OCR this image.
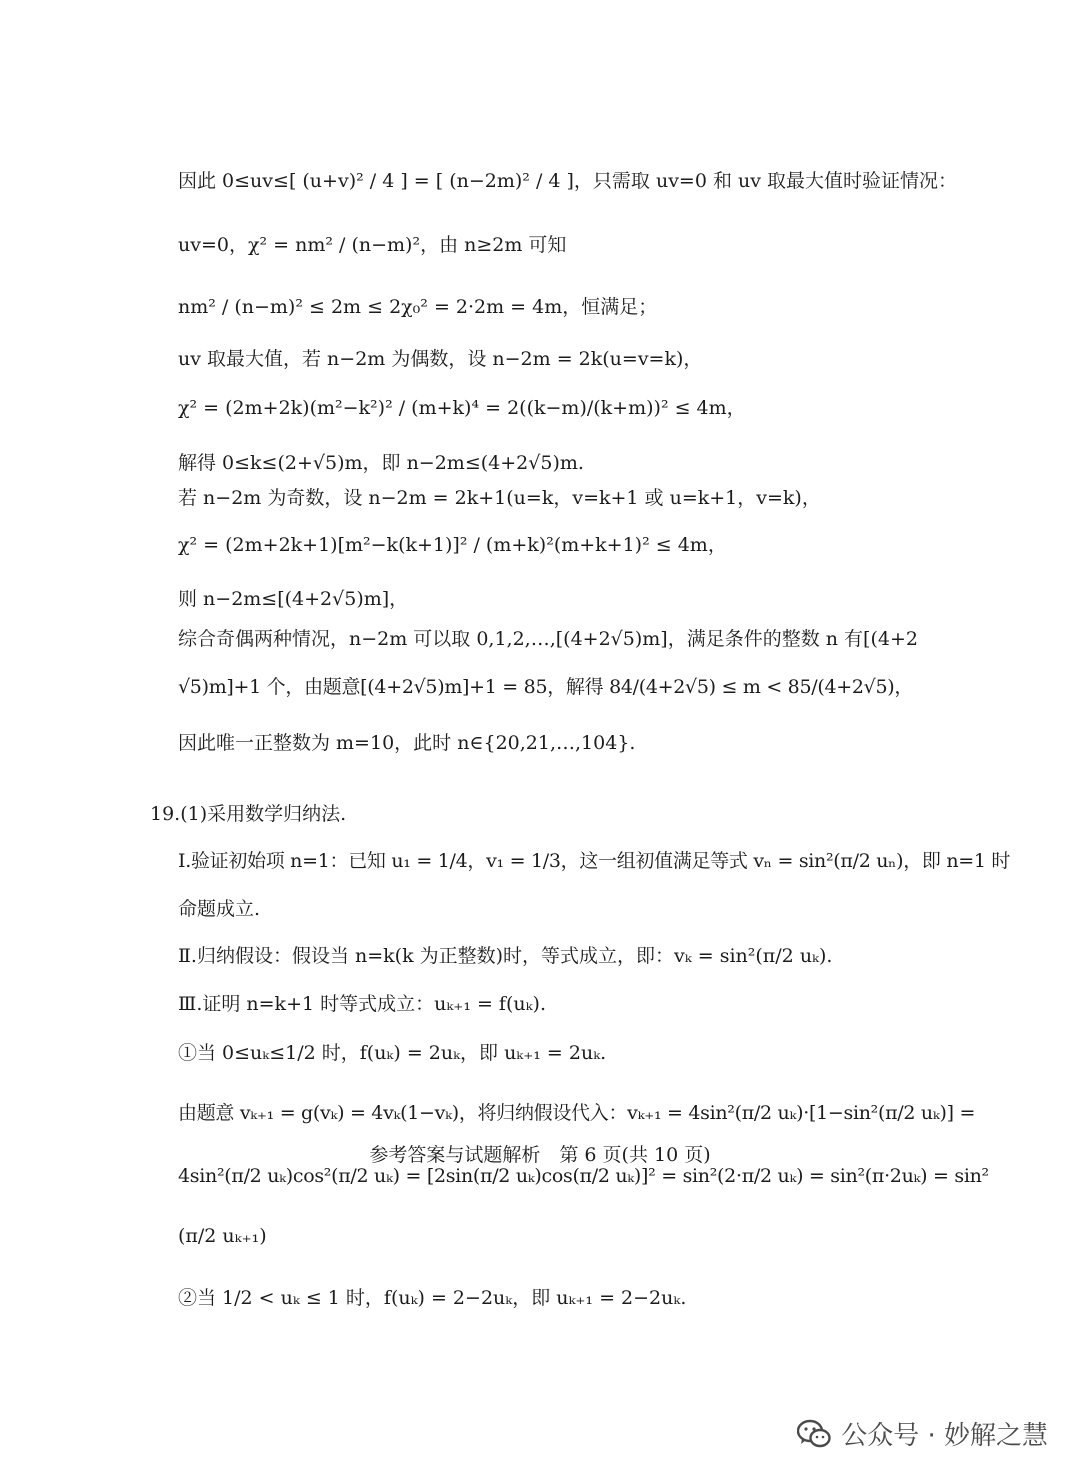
因此 0≤uv≤[ (u+v)² / 4 ] = [ (n−2m)² / 4 ]，只需取 uv=0 和 uv 取最大值时验证情况：
uv=0，χ² = nm² / (n−m)²，由 n≥2m 可知
nm² / (n−m)² ≤ 2m ≤ 2χ₀² = 2·2m = 4m，恒满足；
uv 取最大值，若 n−2m 为偶数，设 n−2m = 2k(u=v=k)，
χ² = (2m+2k)(m²−k²)² / (m+k)⁴ = 2((k−m)/(k+m))² ≤ 4m，
解得 0≤k≤(2+√5)m，即 n−2m≤(4+2√5)m.
若 n−2m 为奇数，设 n−2m = 2k+1(u=k，v=k+1 或 u=k+1，v=k)，
χ² = (2m+2k+1)[m²−k(k+1)]² / (m+k)²(m+k+1)² ≤ 4m，
则 n−2m≤[(4+2√5)m]，
综合奇偶两种情况，n−2m 可以取 0,1,2,…,[(4+2√5)m]，满足条件的整数 n 有[(4+2
√5)m]+1 个，由题意[(4+2√5)m]+1 = 85，解得 84/(4+2√5) ≤ m < 85/(4+2√5)，
因此唯一正整数为 m=10，此时 n∈{20,21,…,104}.
19.(1)采用数学归纳法.
Ⅰ.验证初始项 n=1：已知 u₁ = 1/4，v₁ = 1/3，这一组初值满足等式 vₙ = sin²(π/2 uₙ)，即 n=1 时
命题成立.
Ⅱ.归纳假设：假设当 n=k(k 为正整数)时，等式成立，即：vₖ = sin²(π/2 uₖ).
Ⅲ.证明 n=k+1 时等式成立：uₖ₊₁ = f(uₖ).
①当 0≤uₖ≤1/2 时，f(uₖ) = 2uₖ，即 uₖ₊₁ = 2uₖ.
由题意 vₖ₊₁ = g(vₖ) = 4vₖ(1−vₖ)，将归纳假设代入：vₖ₊₁ = 4sin²(π/2 uₖ)·[1−sin²(π/2 uₖ)] =
4sin²(π/2 uₖ)cos²(π/2 uₖ) = [2sin(π/2 uₖ)cos(π/2 uₖ)]² = sin²(2·π/2 uₖ) = sin²(π·2uₖ) = sin²
(π/2 uₖ₊₁)
②当 1/2 < uₖ ≤ 1 时，f(uₖ) = 2−2uₖ，即 uₖ₊₁ = 2−2uₖ.
参考答案与试题解析　第 6 页(共 10 页)
公众号 · 妙解之慧
